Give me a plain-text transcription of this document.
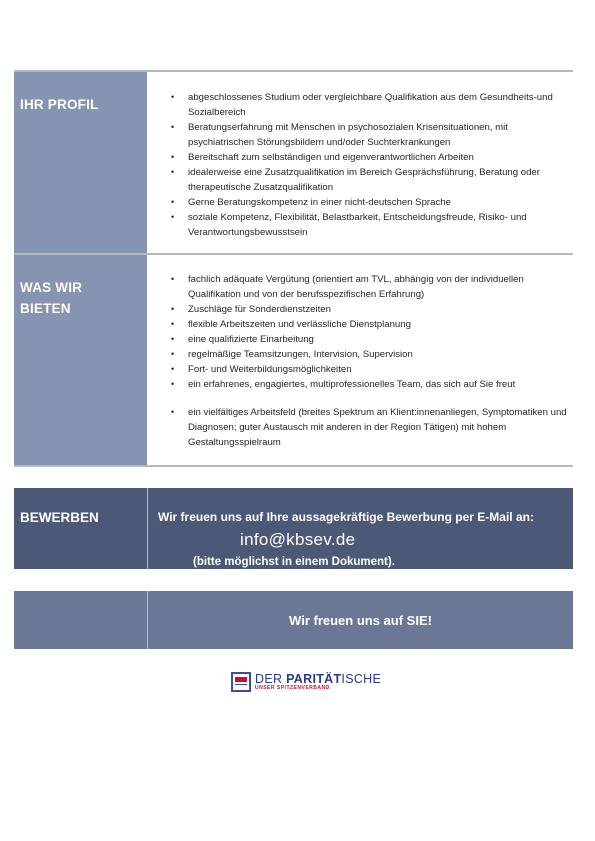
IHR PROFIL
•	abgeschlossenes Studium oder vergleichbare Qualifikation aus dem Gesundheits-und Sozialbereich
• Beratungserfahrung mit Menschen in psychosozialen Krisensituationen, mit psychiatrischen Störungsbildern und/oder Suchterkrankungen
• Bereitschaft zum selbständigen und eigenverantwortlichen Arbeiten
• idealerweise eine Zusatzqualifikation im Bereich Gesprächsführung, Beratung oder therapeutische Zusatzqualifikation
• Gerne Beratungskompetenz in einer nicht-deutschen Sprache
• soziale Kompetenz, Flexibilität, Belastbarkeit, Entscheidungsfreude, Risiko- und Verantwortungsbewusstsein
WAS WIR BIETEN
• fachlich adäquate Vergütung (orientiert am TVL, abhängig von der individuellen Qualifikation und von der berufsspezifischen Erfahrung)
• Zuschläge für Sonderdienstzeiten
• flexible Arbeitszeiten und verlässliche Dienstplanung
• eine qualifizierte Einarbeitung
• regelmäßige Teamsitzungen, Intervision, Supervision
• Fort- und Weiterbildungsmöglichkeiten
• ein erfahrenes, engagiertes, multiprofessionelles Team, das sich auf Sie freut
• ein vielfältiges Arbeitsfeld (breites Spektrum an Klient:innenanliegen, Symptomatiken und Diagnosen; guter Austausch mit anderen in der Region Tätigen) mit hohem Gestaltungsspielraum
BEWERBEN	Wir freuen uns auf Ihre aussagekräftige Bewerbung per E-Mail an:
info@kbsev.de
(bitte möglichst in einem Dokument).
Wir freuen uns auf SIE!
DER PARITÄTISCHE
UNSER SPITZENVERBAND
